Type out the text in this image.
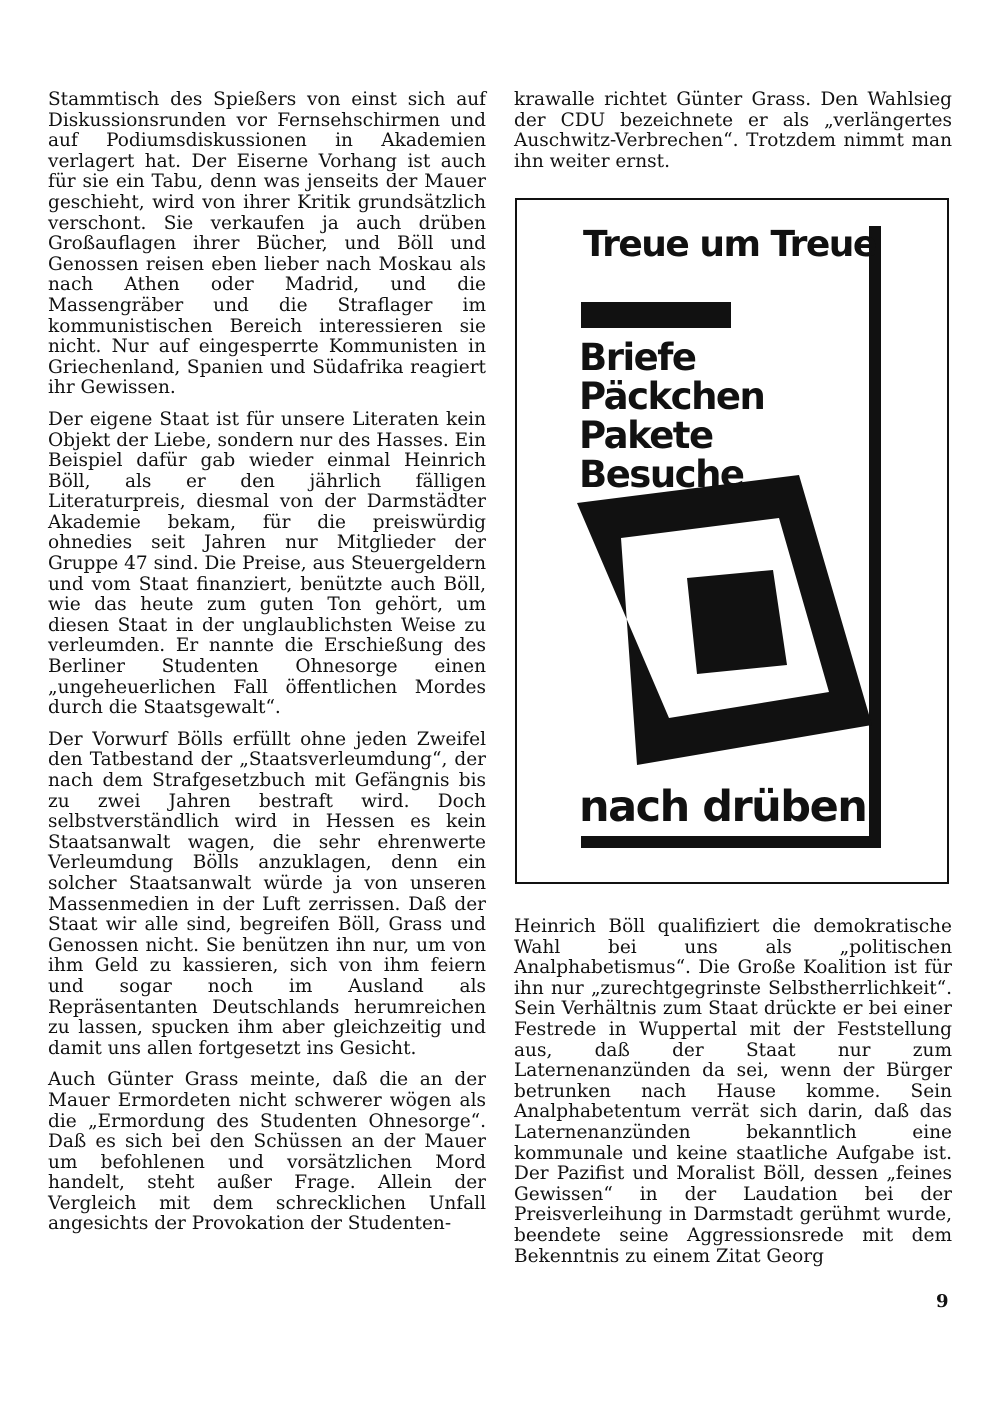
Stammtisch des Spießers von einst sich auf Diskussionsrunden vor Fernsehschirmen und auf Podiumsdiskussionen in Akademien verlagert hat. Der Eiserne Vorhang ist auch für sie ein Tabu, denn was jenseits der Mauer geschieht, wird von ihrer Kritik grundsätzlich verschont. Sie verkaufen ja auch drüben Großauflagen ihrer Bücher, und Böll und Genossen reisen eben lieber nach Moskau als nach Athen oder Madrid, und die Massengräber und die Straflager im kommunistischen Bereich interessieren sie nicht. Nur auf eingesperrte Kommunisten in Griechenland, Spanien und Südafrika reagiert ihr Gewissen.

Der eigene Staat ist für unsere Literaten kein Objekt der Liebe, sondern nur des Hasses. Ein Beispiel dafür gab wieder einmal Heinrich Böll, als er den jährlich fälligen Literaturpreis, diesmal von der Darmstädter Akademie bekam, für die preiswürdig ohnedies seit Jahren nur Mitglieder der Gruppe 47 sind. Die Preise, aus Steuergeldern und vom Staat finanziert, benützte auch Böll, wie das heute zum guten Ton gehört, um diesen Staat in der unglaublichsten Weise zu verleumden. Er nannte die Erschießung des Berliner Studenten Ohnesorge einen „ungeheuerlichen Fall öffentlichen Mordes durch die Staatsgewalt“.

Der Vorwurf Bölls erfüllt ohne jeden Zweifel den Tatbestand der „Staatsverleumdung“, der nach dem Strafgesetzbuch mit Gefängnis bis zu zwei Jahren bestraft wird. Doch selbstverständlich wird in Hessen es kein Staatsanwalt wagen, die sehr ehrenwerte Verleumdung Bölls anzuklagen, denn ein solcher Staatsanwalt würde ja von unseren Massenmedien in der Luft zerrissen. Daß der Staat wir alle sind, begreifen Böll, Grass und Genossen nicht. Sie benützen ihn nur, um von ihm Geld zu kassieren, sich von ihm feiern und sogar noch im Ausland als Repräsentanten Deutschlands herumreichen zu lassen, spucken ihm aber gleichzeitig und damit uns allen fortgesetzt ins Gesicht.

Auch Günter Grass meinte, daß die an der Mauer Ermordeten nicht schwerer wögen als die „Ermordung des Studenten Ohnesorge“. Daß es sich bei den Schüssen an der Mauer um befohlenen und vorsätzlichen Mord handelt, steht außer Frage. Allein der Vergleich mit dem schrecklichen Unfall angesichts der Provokation der Studenten-

krawalle richtet Günter Grass. Den Wahlsieg der CDU bezeichnete er als „verlängertes Auschwitz-Verbrechen“. Trotzdem nimmt man ihn weiter ernst.

Treue um Treue
Briefe
Päckchen
Pakete
Besuche
nach drüben

Heinrich Böll qualifiziert die demokratische Wahl bei uns als „politischen Analphabetismus“. Die Große Koalition ist für ihn nur „zurechtgegrinste Selbstherrlichkeit“. Sein Verhältnis zum Staat drückte er bei einer Festrede in Wuppertal mit der Feststellung aus, daß der Staat nur zum Laternenanzünden da sei, wenn der Bürger betrunken nach Hause komme. Sein Analphabetentum verrät sich darin, daß das Laternenanzünden bekanntlich eine kommunale und keine staatliche Aufgabe ist. Der Pazifist und Moralist Böll, dessen „feines Gewissen“ in der Laudation bei der Preisverleihung in Darmstadt gerühmt wurde, beendete seine Aggressionsrede mit dem Bekenntnis zu einem Zitat Georg

9
